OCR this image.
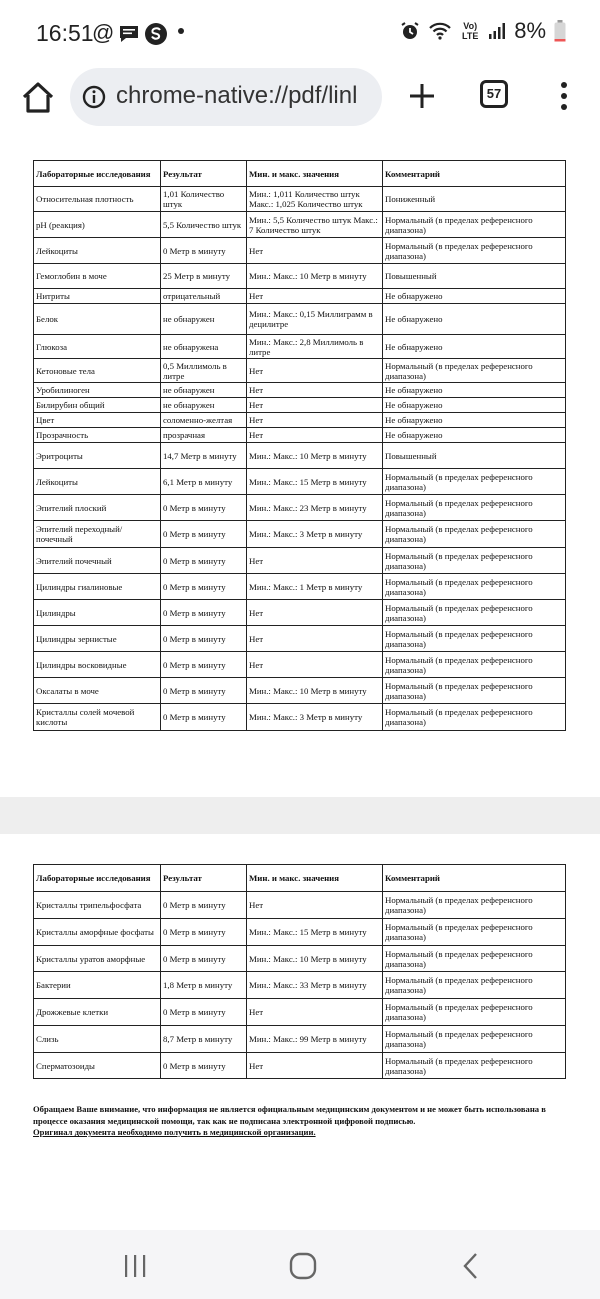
16:51
@	Vo) LTE 8%
chrome-native://pdf/linl	57
Лабораторные исследования	Результат	Мин. и макс. значения	Комментарий
Относительная плотность	1,01 Количество штук	Мин.: 1,011 Количество штук Макс.: 1,025 Количество штук	Пониженный
pH (реакция)	5,5 Количество штук	Мин.: 5,5 Количество штук Макс.: 7 Количество штук	Нормальный (в пределах референсного диапазона)
Лейкоциты	0 Метр в минуту	Нет	Нормальный (в пределах референсного диапазона)
Гемоглобин в моче	25 Метр в минуту	Мин.: Макс.: 10 Метр в минуту	Повышенный
Нитриты	отрицательный	Нет	Не обнаружено
Белок	не обнаружен	Мин.: Макс.: 0,15 Миллиграмм в децилитре	Не обнаружено
Глюкоза	не обнаружена	Мин.: Макс.: 2,8 Миллимоль в литре	Не обнаружено
Кетоновые тела	0,5 Миллимоль в литре	Нет	Нормальный (в пределах референсного диапазона)
Уробилиноген	не обнаружен	Нет	Не обнаружено
Билирубин общий	не обнаружен	Нет	Не обнаружено
Цвет	соломенно-желтая	Нет	Не обнаружено
Прозрачность	прозрачная	Нет	Не обнаружено
Эритроциты	14,7 Метр в минуту	Мин.: Макс.: 10 Метр в минуту	Повышенный
Лейкоциты	6,1 Метр в минуту	Мин.: Макс.: 15 Метр в минуту	Нормальный (в пределах референсного диапазона)
Эпителий плоский	0 Метр в минуту	Мин.: Макс.: 23 Метр в минуту	Нормальный (в пределах референсного диапазона)
Эпителий переходный/почечный	0 Метр в минуту	Мин.: Макс.: 3 Метр в минуту	Нормальный (в пределах референсного диапазона)
Эпителий почечный	0 Метр в минуту	Нет	Нормальный (в пределах референсного диапазона)
Цилиндры гиалиновые	0 Метр в минуту	Мин.: Макс.: 1 Метр в минуту	Нормальный (в пределах референсного диапазона)
Цилиндры	0 Метр в минуту	Нет	Нормальный (в пределах референсного диапазона)
Цилиндры зернистые	0 Метр в минуту	Нет	Нормальный (в пределах референсного диапазона)
Цилиндры восковидные	0 Метр в минуту	Нет	Нормальный (в пределах референсного диапазона)
Оксалаты в моче	0 Метр в минуту	Мин.: Макс.: 10 Метр в минуту	Нормальный (в пределах референсного диапазона)
Кристаллы солей мочевой кислоты	0 Метр в минуту	Мин.: Макс.: 3 Метр в минуту	Нормальный (в пределах референсного диапазона)
Лабораторные исследования	Результат	Мин. и макс. значения	Комментарий
Кристаллы трипельфосфата	0 Метр в минуту	Нет	Нормальный (в пределах референсного диапазона)
Кристаллы аморфные фосфаты	0 Метр в минуту	Мин.: Макс.: 15 Метр в минуту	Нормальный (в пределах референсного диапазона)
Кристаллы уратов аморфные	0 Метр в минуту	Мин.: Макс.: 10 Метр в минуту	Нормальный (в пределах референсного диапазона)
Бактерии	1,8 Метр в минуту	Мин.: Макс.: 33 Метр в минуту	Нормальный (в пределах референсного диапазона)
Дрожжевые клетки	0 Метр в минуту	Нет	Нормальный (в пределах референсного диапазона)
Слизь	8,7 Метр в минуту	Мин.: Макс.: 99 Метр в минуту	Нормальный (в пределах референсного диапазона)
Сперматозоиды	0 Метр в минуту	Нет	Нормальный (в пределах референсного диапазона)
Обращаем Ваше внимание, что информация не является официальным медицинским документом и не может быть использована в процессе оказания медицинской помощи, так как не подписана электронной цифровой подписью.
Оригинал документа необходимо получить в медицинской организации.
